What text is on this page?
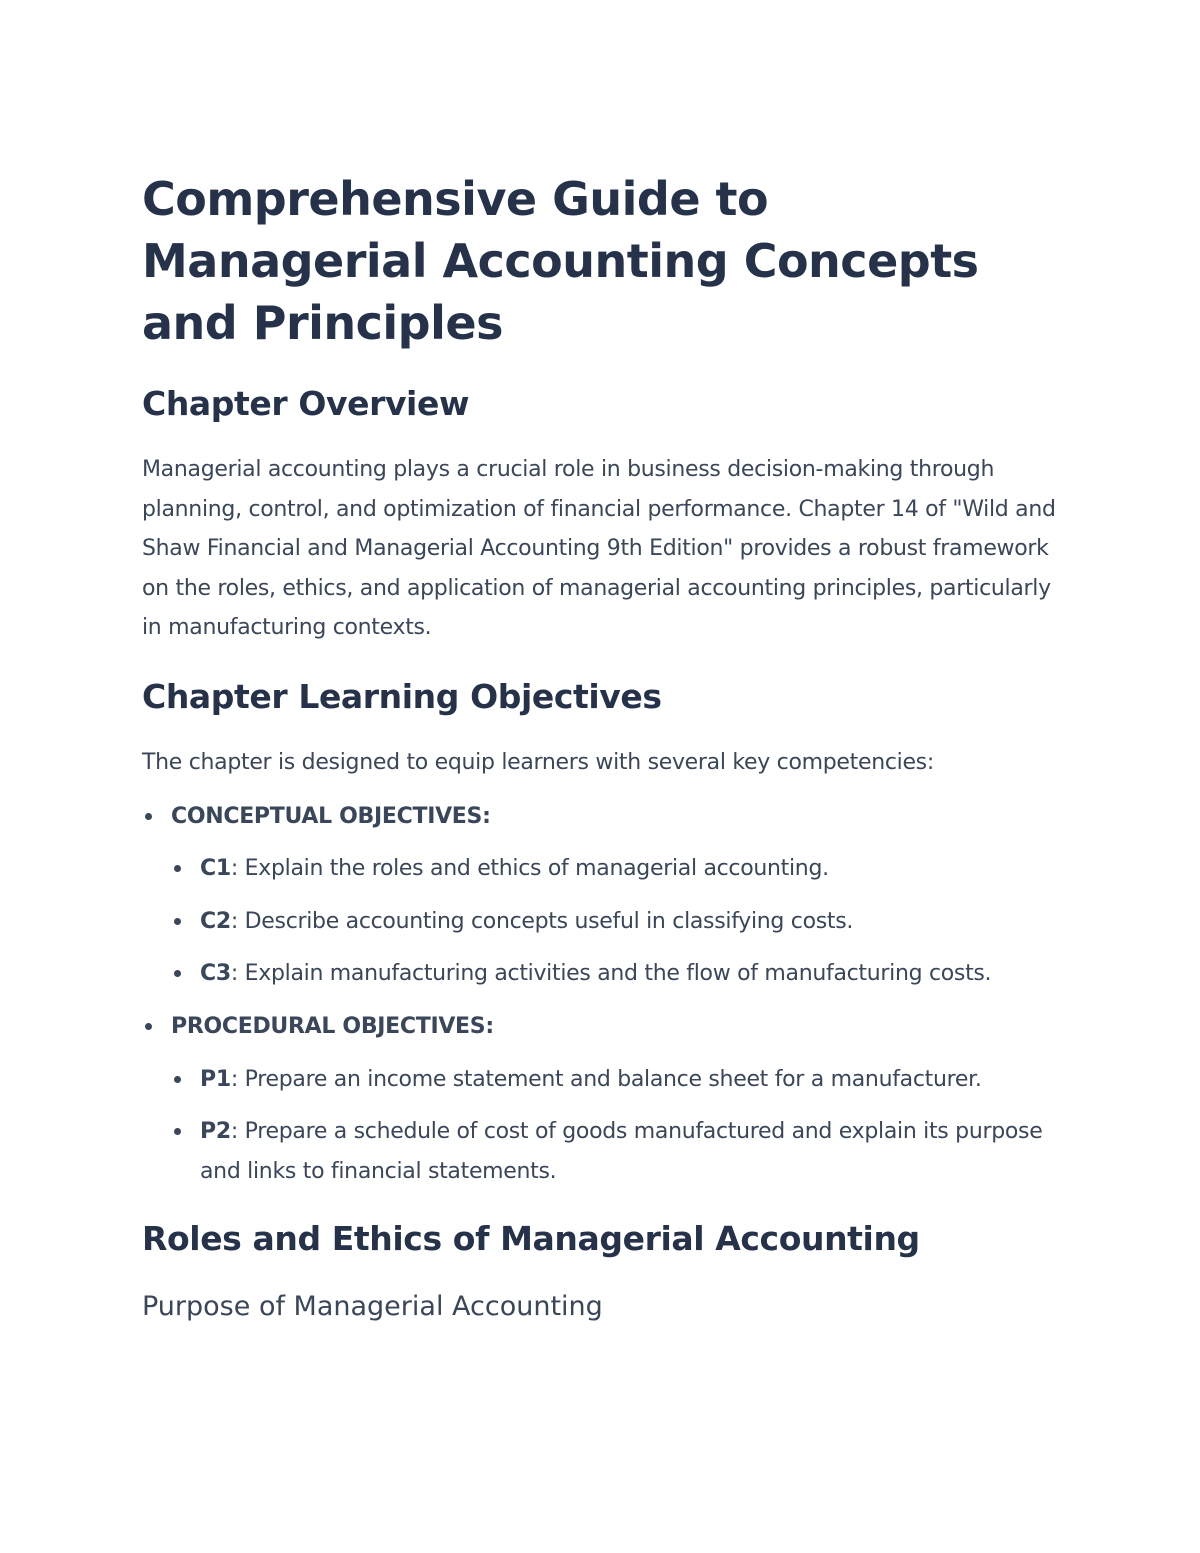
Comprehensive Guide to Managerial Accounting Concepts and Principles
Chapter Overview

Managerial accounting plays a crucial role in business decision-making through planning, control, and optimization of financial performance. Chapter 14 of "Wild and Shaw Financial and Managerial Accounting 9th Edition" provides a robust framework on the roles, ethics, and application of managerial accounting principles, particularly in manufacturing contexts.

Chapter Learning Objectives

The chapter is designed to equip learners with several key competencies:

CONCEPTUAL OBJECTIVES:
C1: Explain the roles and ethics of managerial accounting.
C2: Describe accounting concepts useful in classifying costs.
C3: Explain manufacturing activities and the flow of manufacturing costs.
PROCEDURAL OBJECTIVES:
P1: Prepare an income statement and balance sheet for a manufacturer.
P2: Prepare a schedule of cost of goods manufactured and explain its purpose and links to financial statements.
Roles and Ethics of Managerial Accounting
Purpose of Managerial Accounting
